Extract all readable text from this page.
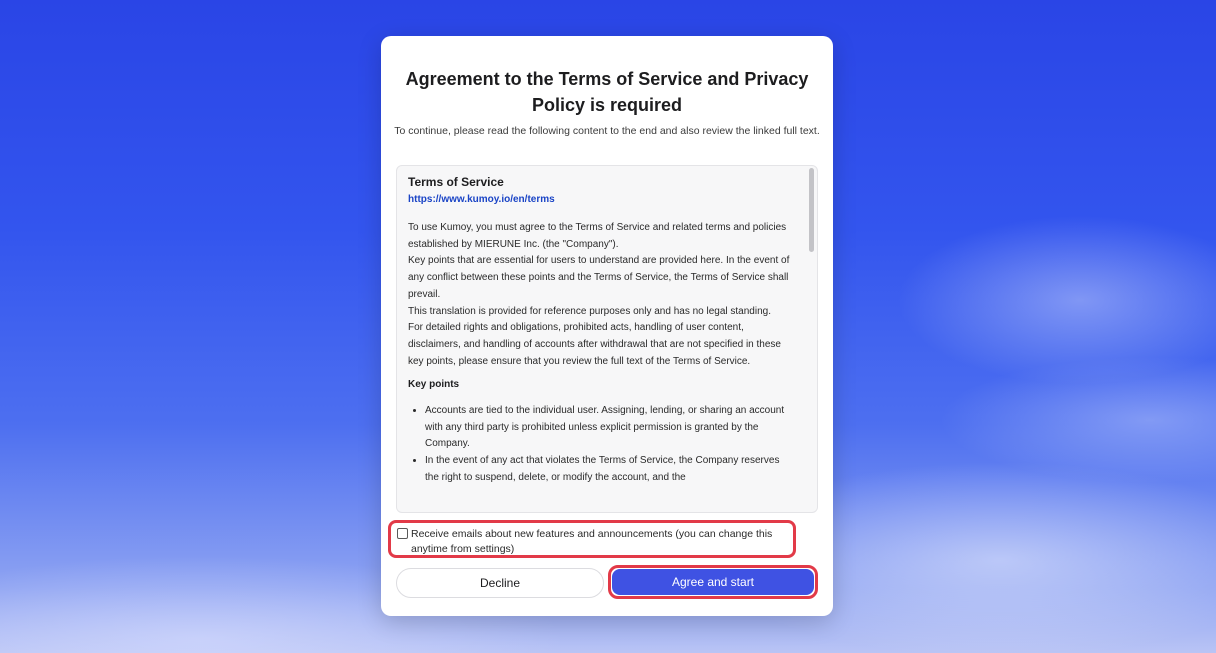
Agreement to the Terms of Service and Privacy Policy is required

To continue, please read the following content to the end and also review the linked full text.

Terms of Service
https://www.kumoy.io/en/terms

To use Kumoy, you must agree to the Terms of Service and related terms and policies established by MIERUNE Inc. (the "Company").

Key points that are essential for users to understand are provided here. In the event of any conflict between these points and the Terms of Service, the Terms of Service shall prevail.

This translation is provided for reference purposes only and has no legal standing.

For detailed rights and obligations, prohibited acts, handling of user content, disclaimers, and handling of accounts after withdrawal that are not specified in these key points, please ensure that you review the full text of the Terms of Service.

Key points
• Accounts are tied to the individual user. Assigning, lending, or sharing an account with any third party is prohibited unless explicit permission is granted by the Company.
• In the event of any act that violates the Terms of Service, the Company reserves the right to suspend, delete, or modify the account, and the

Receive emails about new features and announcements (you can change this anytime from settings)

Decline	Agree and start
